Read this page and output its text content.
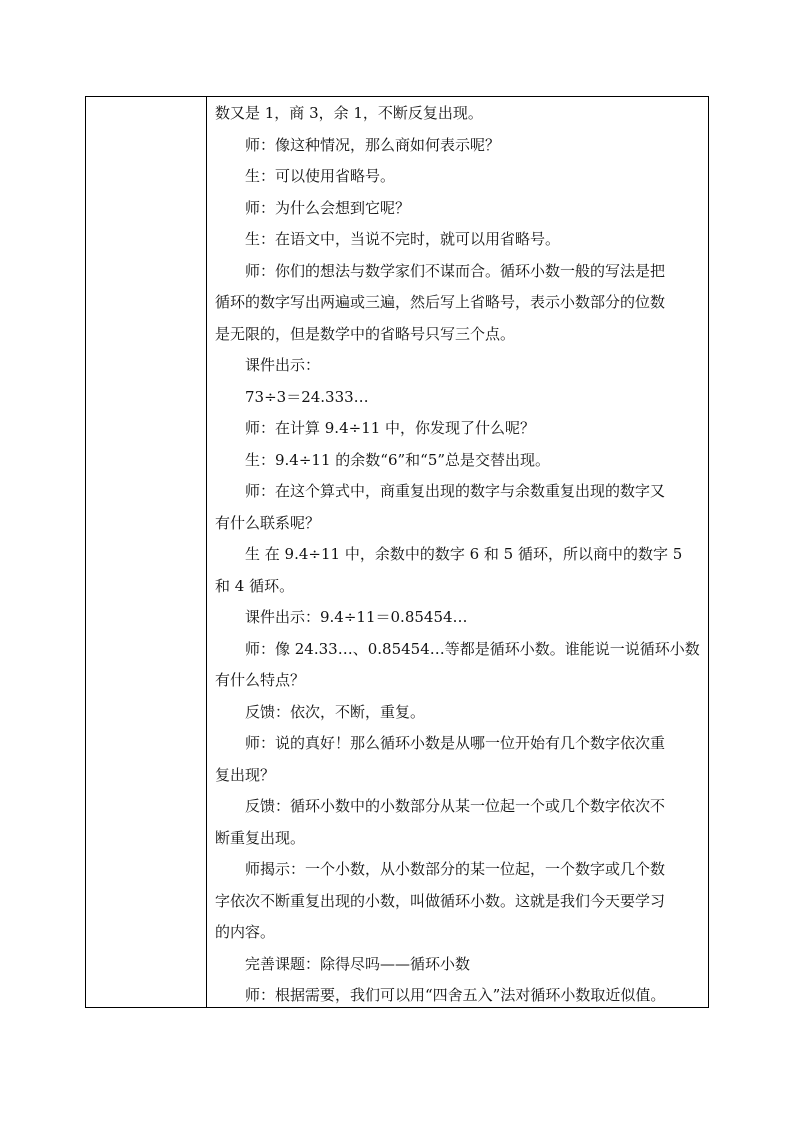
数又是 1，商 3，余 1，不断反复出现。
师：像这种情况，那么商如何表示呢？
生：可以使用省略号。
师：为什么会想到它呢？
生：在语文中，当说不完时，就可以用省略号。
师：你们的想法与数学家们不谋而合。循环小数一般的写法是把
循环的数字写出两遍或三遍，然后写上省略号，表示小数部分的位数
是无限的，但是数学中的省略号只写三个点。
课件出示：
73÷3＝24.333…
师：在计算 9.4÷11 中，你发现了什么呢？
生：9.4÷11 的余数“6”和“5”总是交替出现。
师：在这个算式中，商重复出现的数字与余数重复出现的数字又
有什么联系呢？
生 在 9.4÷11 中，余数中的数字 6 和 5 循环，所以商中的数字 5
和 4 循环。
课件出示：9.4÷11＝0.85454…
师：像 24.33…、0.85454…等都是循环小数。谁能说一说循环小数
有什么特点？
反馈：依次，不断，重复。
师：说的真好！那么循环小数是从哪一位开始有几个数字依次重
复出现？
反馈：循环小数中的小数部分从某一位起一个或几个数字依次不
断重复出现。
师揭示：一个小数，从小数部分的某一位起，一个数字或几个数
字依次不断重复出现的小数，叫做循环小数。这就是我们今天要学习
的内容。
完善课题：除得尽吗——循环小数
师：根据需要，我们可以用“四舍五入”法对循环小数取近似值。
